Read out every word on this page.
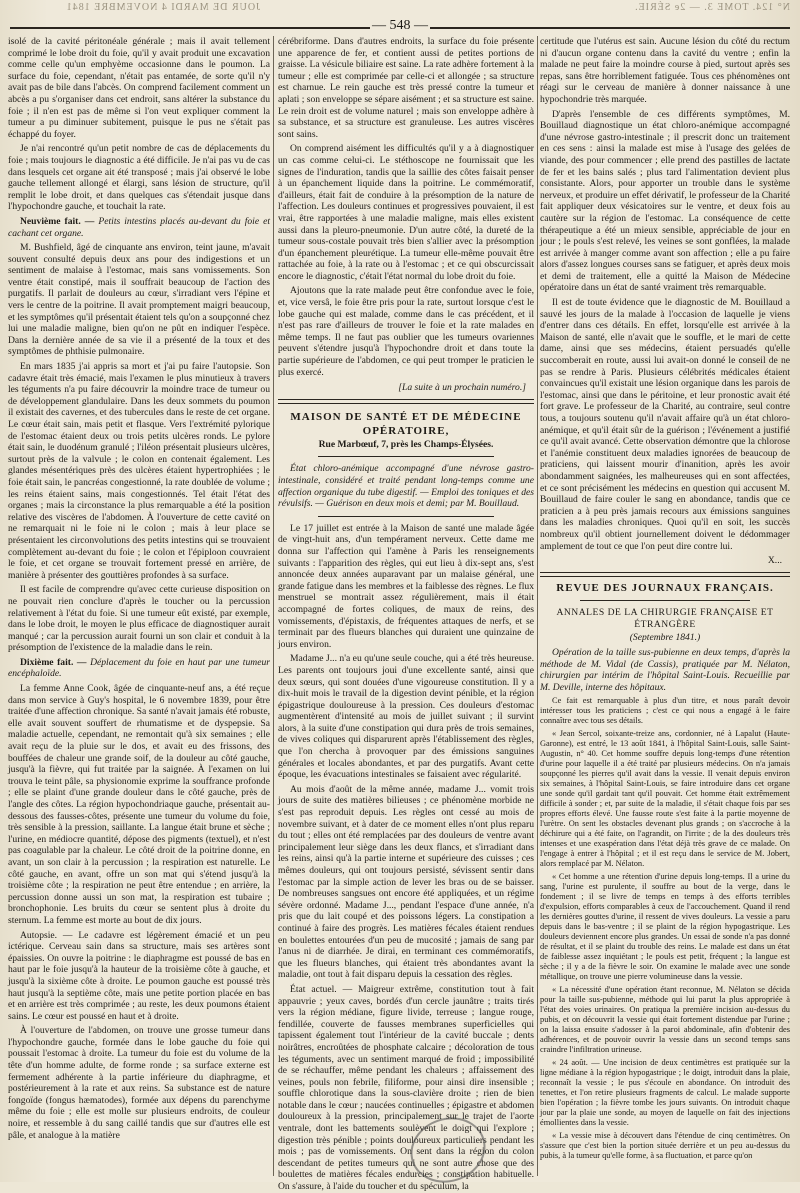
JOUR DE MARDI 4 NOVEMBRE 1841	N° 124. TOME 3. — 2e SÉRIE.
— 548 —

isolé de la cavité péritonéale générale ; mais il avait tellement comprimé le lobe droit du foie, qu'il y avait produit une excavation comme celle qu'un emphyème occasionne dans le poumon. La surface du foie, cependant, n'était pas entamée, de sorte qu'il n'y avait pas de bile dans l'abcès. On comprend facilement comment un abcès a pu s'organiser dans cet endroit, sans altérer la substance du foie ; il n'en est pas de même si l'on veut expliquer comment la tumeur a pu diminuer subitement, puisque le pus ne s'était pas échappé du foyer.

Je n'ai rencontré qu'un petit nombre de cas de déplacements du foie ; mais toujours le diagnostic a été difficile. Je n'ai pas vu de cas dans lesquels cet organe ait été transposé ; mais j'ai observé le lobe gauche tellement allongé et élargi, sans lésion de structure, qu'il remplit le lobe droit, et dans quelques cas s'étendait jusque dans l'hypochondre gauche, et touchait la rate.

Neuvième fait. — Petits intestins placés au-devant du foie et cachant cet organe.

M. Bushfield, âgé de cinquante ans environ, teint jaune, m'avait souvent consulté depuis deux ans pour des indigestions et un sentiment de malaise à l'estomac, mais sans vomissements. Son ventre était constipé, mais il souffrait beaucoup de l'action des purgatifs. Il parlait de douleurs au cœur, s'irradiant vers l'épine et vers le centre de la poitrine. Il avait promptement maigri beaucoup, et les symptômes qu'il présentait étaient tels qu'on a soupçonné chez lui une maladie maligne, bien qu'on ne pût en indiquer l'espèce. Dans la dernière année de sa vie il a présenté de la toux et des symptômes de phthisie pulmonaire.

En mars 1835 j'ai appris sa mort et j'ai pu faire l'autopsie. Son cadavre était très émacié, mais l'examen le plus minutieux à travers les téguments n'a pu faire découvrir la moindre trace de tumeur ou de développement glandulaire. Dans les deux sommets du poumon il existait des cavernes, et des tubercules dans le reste de cet organe. Le cœur était sain, mais petit et flasque. Vers l'extrémité pylorique de l'estomac étaient deux ou trois petits ulcères ronds. Le pylore était sain, le duodénum granulé ; l'iléon présentait plusieurs ulcères, surtout près de la valvule ; le colon en contenait également. Les glandes mésentériques près des ulcères étaient hypertrophiées ; le foie était sain, le pancréas congestionné, la rate doublée de volume ; les reins étaient sains, mais congestionnés. Tel était l'état des organes ; mais la circonstance la plus remarquable a été la position relative des viscères de l'abdomen. À l'ouverture de cette cavité on ne remarquait ni le foie ni le colon ; mais à leur place se présentaient les circonvolutions des petits intestins qui se trouvaient complètement au-devant du foie ; le colon et l'épiploon couvraient le foie, et cet organe se trouvait fortement pressé en arrière, de manière à présenter des gouttières profondes à sa surface.

Il est facile de comprendre qu'avec cette curieuse disposition on ne pouvait rien conclure d'après le toucher ou la percussion relativement à l'état du foie. Si une tumeur eût existé, par exemple, dans le lobe droit, le moyen le plus efficace de diagnostiquer aurait manqué ; car la percussion aurait fourni un son clair et conduit à la présomption de l'existence de la maladie dans le rein.

Dixième fait. — Déplacement du foie en haut par une tumeur encéphaloïde.

La femme Anne Cook, âgée de cinquante-neuf ans, a été reçue dans mon service à Guy's hospital, le 6 novembre 1839, pour être traitée d'une affection chronique. Sa santé n'avait jamais été robuste, elle avait souvent souffert de rhumatisme et de dyspepsie. Sa maladie actuelle, cependant, ne remontait qu'à six semaines ; elle avait reçu de la pluie sur le dos, et avait eu des frissons, des bouffées de chaleur une grande soif, de la douleur au côté gauche, jusqu'à la fièvre, qui fut traitée par la saignée. À l'examen on lui trouva le teint pâle, sa physionomie exprime la souffrance profonde ; elle se plaint d'une grande douleur dans le côté gauche, près de l'angle des côtes. La région hypochondriaque gauche, présentait au-dessous des fausses-côtes, présente une tumeur du volume du foie, très sensible à la pression, saillante. La langue était brune et sèche ; l'urine, en médiocre quantité, dépose des pigments (textuel), et n'est pas coagulable par la chaleur. Le côté droit de la poitrine donne, en avant, un son clair à la percussion ; la respiration est naturelle. Le côté gauche, en avant, offre un son mat qui s'étend jusqu'à la troisième côte ; la respiration ne peut être entendue ; en arrière, la percussion donne aussi un son mat, la respiration est tubaire ; bronchophonie. Les bruits du cœur se sentent plus à droite du sternum. La femme est morte au bout de dix jours.

Autopsie. — Le cadavre est légèrement émacié et un peu ictérique. Cerveau sain dans sa structure, mais ses artères sont épaissies. On ouvre la poitrine : le diaphragme est poussé de bas en haut par le foie jusqu'à la hauteur de la troisième côte à gauche, et jusqu'à la sixième côte à droite. Le poumon gauche est poussé très haut jusqu'à la septième côte, mais une petite portion placée en bas et en arrière est très comprimée ; au reste, les deux poumons étaient sains. Le cœur est poussé en haut et à droite.

À l'ouverture de l'abdomen, on trouve une grosse tumeur dans l'hypochondre gauche, formée dans le lobe gauche du foie qui poussait l'estomac à droite. La tumeur du foie est du volume de la tête d'un homme adulte, de forme ronde ; sa surface externe est fermement adhérente à la partie inférieure du diaphragme, et postérieurement à la rate et aux reins. Sa substance est de nature fongoïde (fongus hæmatodes), formée aux dépens du parenchyme même du foie ; elle est molle sur plusieurs endroits, de couleur noire, et ressemble à du sang caillé tandis que sur d'autres elle est pâle, et analogue à la matière

cérébriforme. Dans d'autres endroits, la surface du foie présente une apparence de fer, et contient aussi de petites portions de graisse. La vésicule biliaire est saine. La rate adhère fortement à la tumeur ; elle est comprimée par celle-ci et allongée ; sa structure est charnue. Le rein gauche est très pressé contre la tumeur et aplati ; son enveloppe se sépare aisément ; et sa structure est saine. Le rein droit est de volume naturel ; mais son enveloppe adhère à sa substance, et sa structure est granuleuse. Les autres viscères sont sains.

On comprend aisément les difficultés qu'il y a à diagnostiquer un cas comme celui-ci. Le stéthoscope ne fournissait que les signes de l'induration, tandis que la saillie des côtes faisait penser à un épanchement liquide dans la poitrine. Le commémoratif, d'ailleurs, était fait de conduire à la présomption de la nature de l'affection. Les douleurs continues et progressives pouvaient, il est vrai, être rapportées à une maladie maligne, mais elles existent aussi dans la pleuro-pneumonie. D'un autre côté, la dureté de la tumeur sous-costale pouvait très bien s'allier avec la présomption d'un épanchement pleurétique. La tumeur elle-même pouvait être rattachée au foie, à la rate ou à l'estomac ; et ce qui obscurcissait encore le diagnostic, c'était l'état normal du lobe droit du foie.

Ajoutons que la rate malade peut être confondue avec le foie, et, vice versâ, le foie être pris pour la rate, surtout lorsque c'est le lobe gauche qui est malade, comme dans le cas précédent, et il n'est pas rare d'ailleurs de trouver le foie et la rate malades en même temps. Il ne faut pas oublier que les tumeurs ovariennes peuvent s'étendre jusqu'à l'hypochondre droit et dans toute la partie supérieure de l'abdomen, ce qui peut tromper le praticien le plus exercé.

[La suite à un prochain numéro.]
MAISON DE SANTÉ ET DE MÉDECINE OPÉRATOIRE,
Rue Marbœuf, 7, près les Champs-Élysées.

État chloro-anémique accompagné d'une névrose gastro-intestinale, considéré et traité pendant long-temps comme une affection organique du tube digestif. — Emploi des toniques et des révulsifs. — Guérison en deux mois et demi; par M. Bouillaud.

Le 17 juillet est entrée à la Maison de santé une malade âgée de vingt-huit ans, d'un tempérament nerveux. Cette dame me donna sur l'affection qui l'amène à Paris les renseignements suivants : l'apparition des règles, qui eut lieu à dix-sept ans, s'est annoncée deux années auparavant par un malaise général, une grande fatigue dans les membres et la faiblesse des règnes. Le flux menstruel se montrait assez régulièrement, mais il était accompagné de fortes coliques, de maux de reins, des vomissements, d'épistaxis, de fréquentes attaques de nerfs, et se terminait par des flueurs blanches qui duraient une quinzaine de jours environ.

Madame J... n'a eu qu'une seule couche, qui a été très heureuse. Les parents ont toujours joui d'une excellente santé, ainsi que deux sœurs, qui sont douées d'une vigoureuse constitution. Il y a dix-huit mois le travail de la digestion devint pénible, et la région épigastrique douloureuse à la pression. Ces douleurs d'estomac augmentèrent d'intensité au mois de juillet suivant ; il survint alors, à la suite d'une constipation qui dura près de trois semaines, de vives coliques qui disparurent après l'établissement des règles, que l'on chercha à provoquer par des émissions sanguines générales et locales abondantes, et par des purgatifs. Avant cette époque, les évacuations intestinales se faisaient avec régularité.

Au mois d'août de la même année, madame J... vomit trois jours de suite des matières bilieuses ; ce phénomène morbide ne s'est pas reproduit depuis. Les règles ont cessé au mois de novembre suivant, et à dater de ce moment elles n'ont plus reparu du tout ; elles ont été remplacées par des douleurs de ventre avant principalement leur siège dans les deux flancs, et s'irradiant dans les reins, ainsi qu'à la partie interne et supérieure des cuisses ; ces mêmes douleurs, qui ont toujours persisté, sévissent sentir dans l'estomac par la simple action de lever les bras ou de se baisser. De nombreuses sangsues ont encore été appliquées, et un régime sévère ordonné. Madame J..., pendant l'espace d'une année, n'a pris que du lait coupé et des poissons légers. La constipation a continué à faire des progrès. Les matières fécales étaient rendues en boulettes entourées d'un peu de mucosité ; jamais de sang par l'anus ni de diarrhée. Je dirai, en terminant ces commémoratifs, que les flueurs blanches, qui étaient très abondantes avant la maladie, ont tout à fait disparu depuis la cessation des règles.

État actuel. — Maigreur extrême, constitution tout à fait appauvrie ; yeux caves, bordés d'un cercle jaunâtre ; traits tirés vers la région médiane, figure livide, terreuse ; langue rouge, fendillée, couverte de fausses membranes superficielles qui tapissent également tout l'intérieur de la cavité buccale ; dents noirâtres, encroûtées de phosphate calcaire ; décoloration de tous les téguments, avec un sentiment marqué de froid ; impossibilité de se réchauffer, même pendant les chaleurs ; affaissement des veines, pouls non febrile, filiforme, pour ainsi dire insensible ; souffle chlorotique dans la sous-clavière droite ; rien de bien notable dans le cœur ; naucées continuelles ; épigastre et abdomen douloureux à la pression, principalement sur le trajet de l'aorte ventrale, dont les battements soulèvent le doigt qui l'explore ; digestion très pénible ; points douloureux particuliers pendant les mois ; pas de vomissements. On sent dans la région du colon descendant de petites tumeurs qui ne sont autre chose que des boulettes de matières fécales endurcies ; constipation habituelle. On s'assure, à l'aide du toucher et du spéculum, la

certitude que l'utérus est sain. Aucune lésion du côté du rectum ni d'aucun organe contenu dans la cavité du ventre ; enfin la malade ne peut faire la moindre course à pied, surtout après ses repas, sans être horriblement fatiguée. Tous ces phénomènes ont réagi sur le cerveau de manière à donner naissance à une hypochondrie très marquée.

D'après l'ensemble de ces différents symptômes, M. Bouillaud diagnostique un état chloro-anémique accompagné d'une névrose gastro-intestinale ; il prescrit donc un traitement en ces sens : ainsi la malade est mise à l'usage des gelées de viande, des pour commencer ; elle prend des pastilles de lactate de fer et les bains salés ; plus tard l'alimentation devient plus consistante. Alors, pour apporter un trouble dans le système nerveux, et produire un effet dérivatif, le professeur de la Charité fait appliquer deux vésicatoires sur le ventre, et deux fois au cautère sur la région de l'estomac. La conséquence de cette thérapeutique a été un mieux sensible, appréciable de jour en jour ; le pouls s'est relevé, les veines se sont gonflées, la malade est arrivée à manger comme avant son affection ; elle a pu faire alors d'assez longues courses sans se fatiguer, et après deux mois et demi de traitement, elle a quitté la Maison de Médecine opératoire dans un état de santé vraiment très remarquable.

Il est de toute évidence que le diagnostic de M. Bouillaud a sauvé les jours de la malade à l'occasion de laquelle je viens d'entrer dans ces détails. En effet, lorsqu'elle est arrivée à la Maison de santé, elle n'avait que le souffle, et le mari de cette dame, ainsi que ses médecins, étaient persuadés qu'elle succomberait en route, aussi lui avait-on donné le conseil de ne pas se rendre à Paris. Plusieurs célébrités médicales étaient convaincues qu'il existait une lésion organique dans les parois de l'estomac, ainsi que dans le péritoine, et leur pronostic avait été fort grave. Le professeur de la Charité, au contraire, seul contre tous, a toujours soutenu qu'il n'avait affaire qu'à un état chloro-anémique, et qu'il était sûr de la guérison ; l'événement a justifié ce qu'il avait avancé. Cette observation démontre que la chlorose et l'anémie constituent deux maladies ignorées de beaucoup de praticiens, qui laissent mourir d'inanition, après les avoir abondamment saignées, les malheureuses qui en sont affectées, et ce sont précisément les médecins en question qui accusent M. Bouillaud de faire couler le sang en abondance, tandis que ce praticien a à peu près jamais recours aux émissions sanguines dans les maladies chroniques. Quoi qu'il en soit, les succès nombreux qu'il obtient journellement doivent le dédommager amplement de tout ce que l'on peut dire contre lui.

X...
REVUE DES JOURNAUX FRANÇAIS.
ANNALES DE LA CHIRURGIE FRANÇAISE ET ÉTRANGÈRE
(Septembre 1841.)

Opération de la taille sus-pubienne en deux temps, d'après la méthode de M. Vidal (de Cassis), pratiquée par M. Nélaton, chirurgien par intérim de l'hôpital Saint-Louis. Recueillie par M. Deville, interne des hôpitaux.

Ce fait est remarquable à plus d'un titre, et nous paraît devoir intéresser tous les praticiens ; c'est ce qui nous a engagé à le faire connaître avec tous ses détails.

« Jean Sercol, soixante-treize ans, cordonnier, né à Lapalut (Haute-Garonne), est entré, le 13 août 1841, à l'hôpital Saint-Louis, salle Saint-Augustin, n° 40. Cet homme souffre depuis long-temps d'une rétention d'urine pour laquelle il a été traité par plusieurs médecins. On n'a jamais soupçonné les pierres qu'il avait dans la vessie. Il venait depuis environ six semaines, à l'hôpital Saint-Louis, se faire introduire dans cet organe une sonde qu'il gardait tant qu'il pouvait. Cet homme était extrêmement difficile à sonder ; et, par suite de la maladie, il s'était chaque fois par ses propres efforts élevé. Une fausse route s'est faite à la partie moyenne de l'urètre. On sent les obstacles devenant plus grands ; on s'accroche à la déchirure qui a été faite, on l'agrandit, on l'irrite ; de la des douleurs très intenses et une exaspération dans l'état déjà très grave de ce malade. On l'engage à entrer à l'hôpital ; et il est reçu dans le service de M. Jobert, alors remplacé par M. Nélaton.

« Cet homme a une rétention d'urine depuis long-temps. Il a urine du sang, l'urine est purulente, il souffre au bout de la verge, dans le fondement ; il se livre de temps en temps à des efforts terribles d'expulsion, efforts comparables à ceux de l'accouchement. Quand il rend les dernières gouttes d'urine, il ressent de vives douleurs. La vessie a paru depuis dans le bas-ventre ; il se plaint de la région hypogastrique. Les douleurs deviennent encore plus grandes. Un essai de sonde n'a pas donné de résultat, et il se plaint du trouble des reins. Le malade est dans un état de faiblesse assez inquiétant ; le pouls est petit, fréquent ; la langue est sèche ; il y a de la fièvre le soir. On examine le malade avec une sonde métallique, on trouve une pierre volumineuse dans la vessie.

« La nécessité d'une opération étant reconnue, M. Nélaton se décida pour la taille sus-pubienne, méthode qui lui parut la plus appropriée à l'état des voies urinaires. On pratiqua la première incision au-dessus du pubis, et on découvrit la vessie qui était fortement distendue par l'urine ; on la laissa ensuite s'adosser à la paroi abdominale, afin d'obtenir des adhérences, et de pouvoir ouvrir la vessie dans un second temps sans craindre l'infiltration urineuse.

« 24 août. — Une incision de deux centimètres est pratiquée sur la ligne médiane à la région hypogastrique ; le doigt, introduit dans la plaie, reconnaît la vessie ; le pus s'écoule en abondance. On introduit des tenettes, et l'on retire plusieurs fragments de calcul. Le malade supporte bien l'opération ; la fièvre tombe les jours suivants. On introduit chaque jour par la plaie une sonde, au moyen de laquelle on fait des injections émollientes dans la vessie.

« La vessie mise à découvert dans l'étendue de cinq centimètres. On s'assure que c'est bien la portion située derrière et un peu au-dessus du pubis, à la tumeur qu'elle forme, à sa fluctuation, et parce qu'on
